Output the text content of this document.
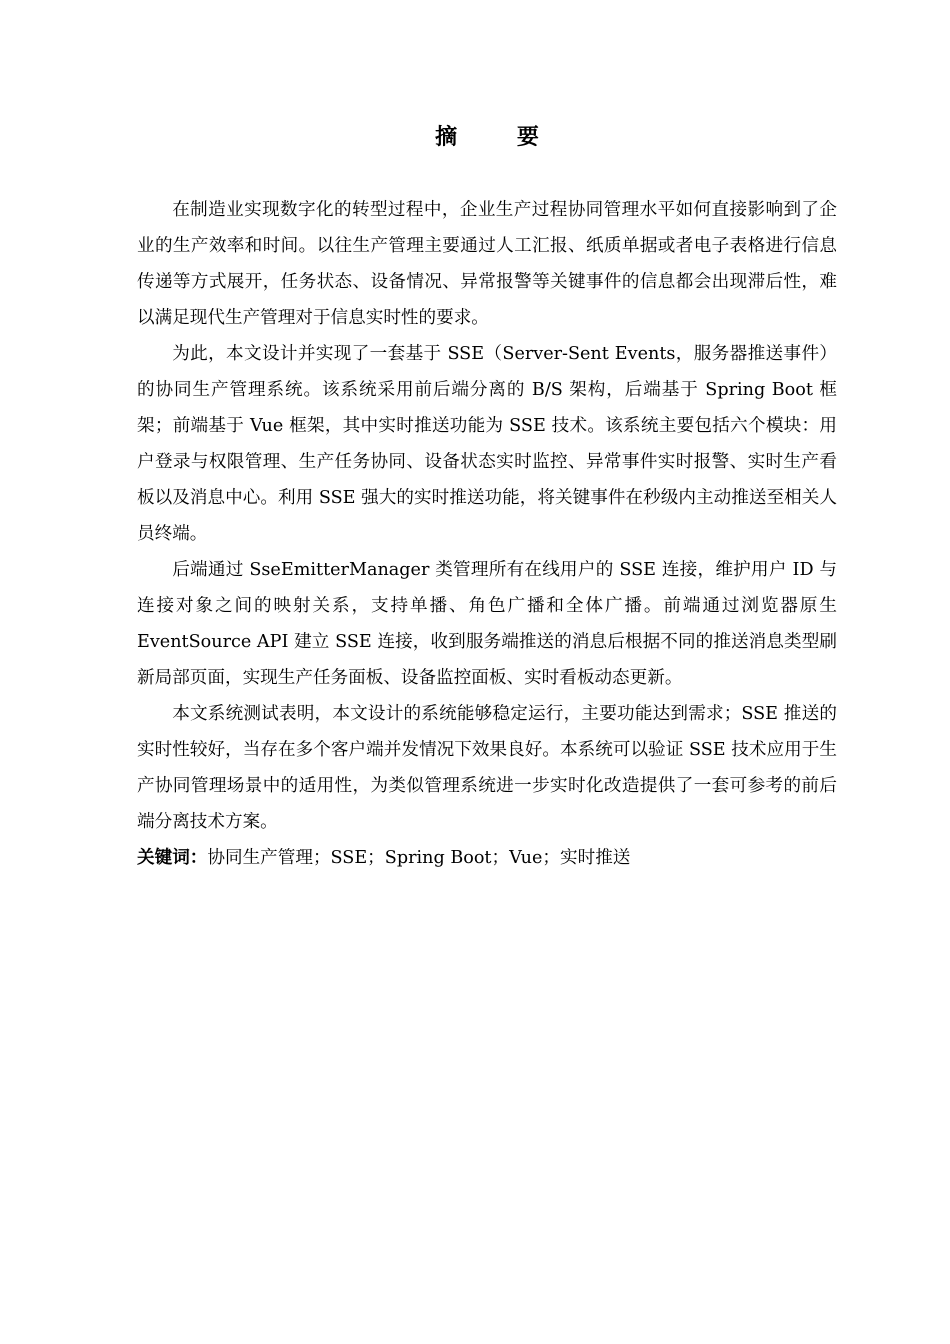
摘 要

在制造业实现数字化的转型过程中，企业生产过程协同管理水平如何直接影响到了企业的生产效率和时间。以往生产管理主要通过人工汇报、纸质单据或者电子表格进行信息传递等方式展开，任务状态、设备情况、异常报警等关键事件的信息都会出现滞后性，难以满足现代生产管理对于信息实时性的要求。

为此，本文设计并实现了一套基于 SSE（Server-Sent Events，服务器推送事件）的协同生产管理系统。该系统采用前后端分离的 B/S 架构，后端基于 Spring Boot 框架；前端基于 Vue 框架，其中实时推送功能为 SSE 技术。该系统主要包括六个模块：用户登录与权限管理、生产任务协同、设备状态实时监控、异常事件实时报警、实时生产看板以及消息中心。利用 SSE 强大的实时推送功能，将关键事件在秒级内主动推送至相关人员终端。

后端通过 SseEmitterManager 类管理所有在线用户的 SSE 连接，维护用户 ID 与连接对象之间的映射关系，支持单播、角色广播和全体广播。前端通过浏览器原生 EventSource API 建立 SSE 连接，收到服务端推送的消息后根据不同的推送消息类型刷新局部页面，实现生产任务面板、设备监控面板、实时看板动态更新。

本文系统测试表明，本文设计的系统能够稳定运行，主要功能达到需求；SSE 推送的实时性较好，当存在多个客户端并发情况下效果良好。本系统可以验证 SSE 技术应用于生产协同管理场景中的适用性，为类似管理系统进一步实时化改造提供了一套可参考的前后端分离技术方案。

关键词：协同生产管理；SSE；Spring Boot；Vue；实时推送
